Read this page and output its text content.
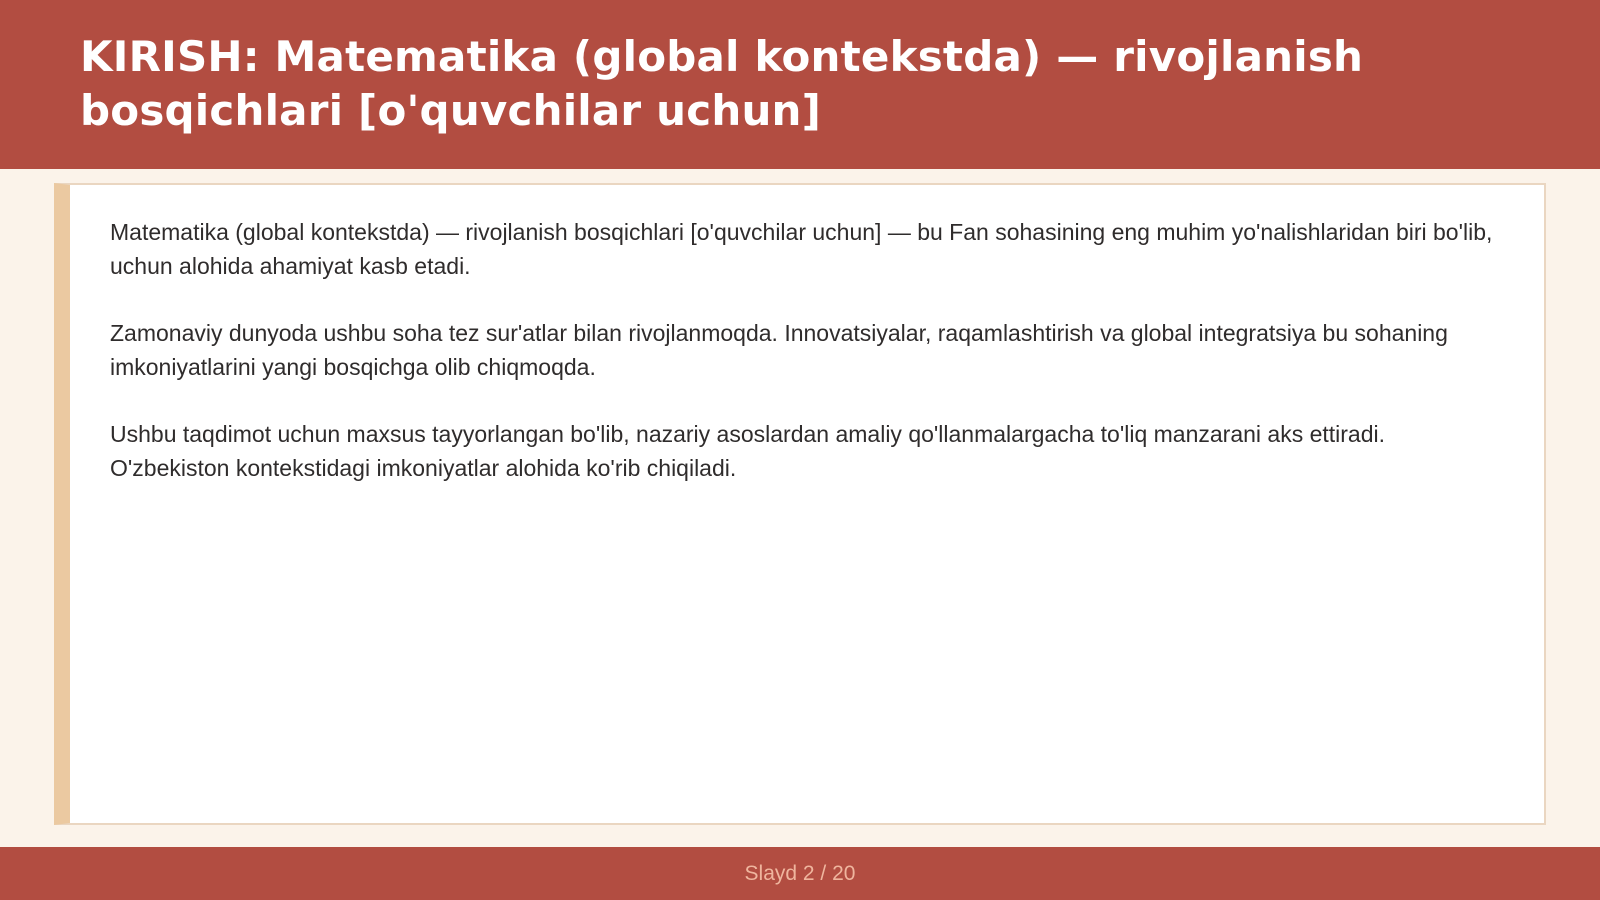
KIRISH: Matematika (global kontekstda) — rivojlanish bosqichlari [o'quvchilar uchun]

Matematika (global kontekstda) — rivojlanish bosqichlari [o'quvchilar uchun] — bu Fan sohasining eng muhim yo'nalishlaridan biri bo'lib, uchun alohida ahamiyat kasb etadi.

Zamonaviy dunyoda ushbu soha tez sur'atlar bilan rivojlanmoqda. Innovatsiyalar, raqamlashtirish va global integratsiya bu sohaning imkoniyatlarini yangi bosqichga olib chiqmoqda.

Ushbu taqdimot uchun maxsus tayyorlangan bo'lib, nazariy asoslardan amaliy qo'llanmalargacha to'liq manzarani aks ettiradi. O'zbekiston kontekstidagi imkoniyatlar alohida ko'rib chiqiladi.

Slayd 2 / 20
